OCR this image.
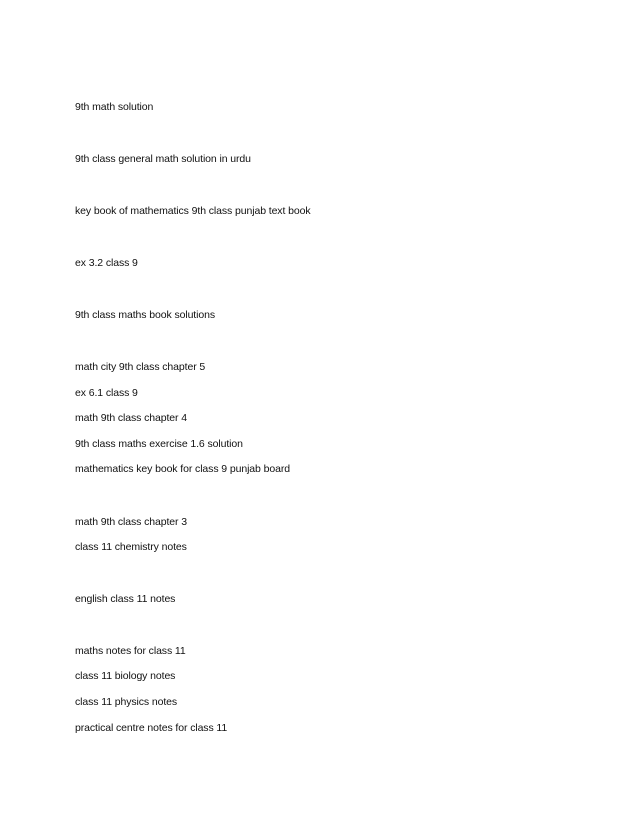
9th math solution
9th class general math solution in urdu
key book of mathematics 9th class punjab text book
ex 3.2 class 9
9th class maths book solutions
math city 9th class chapter 5
ex 6.1 class 9
math 9th class chapter 4
9th class maths exercise 1.6 solution
mathematics key book for class 9 punjab board
math 9th class chapter 3
class 11 chemistry notes
english class 11 notes
maths notes for class 11
class 11 biology notes
class 11 physics notes
practical centre notes for class 11
